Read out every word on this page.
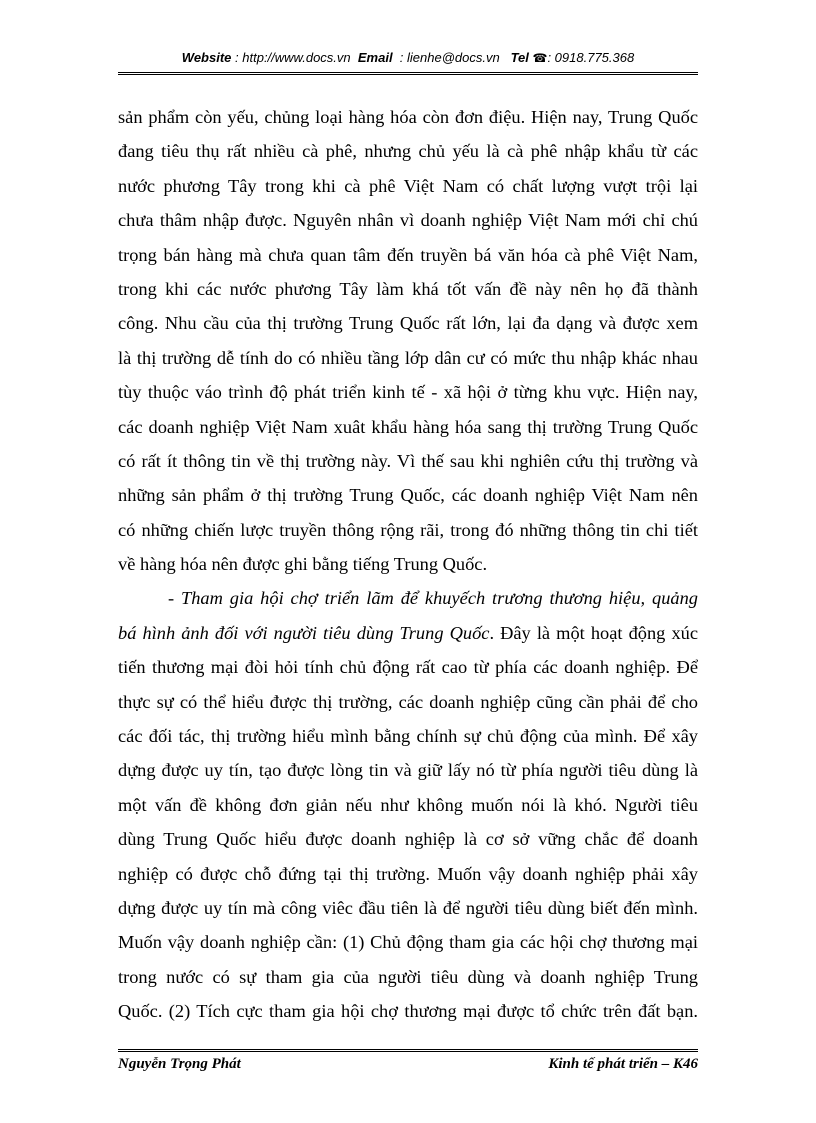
Website : http://www.docs.vn Email : lienhe@docs.vn Tel ☎: 0918.775.368
sản phẩm còn yếu, chủng loại hàng hóa còn đơn điệu. Hiện nay, Trung Quốc
đang tiêu thụ rất nhiều cà phê, nhưng chủ yếu là cà phê nhập khẩu từ các
nước phương Tây trong khi cà phê Việt Nam có chất lượng vượt trội lại
chưa thâm nhập được. Nguyên nhân vì doanh nghiệp Việt Nam mới chỉ chú
trọng bán hàng mà chưa quan tâm đến truyền bá văn hóa cà phê Việt Nam,
trong khi các nước phương Tây làm khá tốt vấn đề này nên họ đã thành
công. Nhu cầu của thị trường Trung Quốc rất lớn, lại đa dạng và được xem
là thị trường dễ tính do có nhiều tầng lớp dân cư có mức thu nhập khác nhau
tùy thuộc váo trình độ phát triển kinh tế - xã hội ở từng khu vực. Hiện nay,
các doanh nghiệp Việt Nam xuât khẩu hàng hóa sang thị trường Trung Quốc
có rất ít thông tin về thị trường này. Vì thế sau khi nghiên cứu thị trường và
những sản phẩm ở thị trường Trung Quốc, các doanh nghiệp Việt Nam nên
có những chiến lược truyền thông rộng rãi, trong đó những thông tin chi tiết
về hàng hóa nên được ghi bằng tiếng Trung Quốc.
- Tham gia hội chợ triển lãm để khuyếch trương thương hiệu, quảng
bá hình ảnh đối với người tiêu dùng Trung Quốc. Đây là một hoạt động xúc
tiến thương mại đòi hỏi tính chủ động rất cao từ phía các doanh nghiệp. Để
thực sự có thể hiểu được thị trường, các doanh nghiệp cũng cần phải để cho
các đối tác, thị trường hiểu mình bằng chính sự chủ động của mình. Để xây
dựng được uy tín, tạo được lòng tin và giữ lấy nó từ phía người tiêu dùng là
một vấn đề không đơn giản nếu như không muốn nói là khó. Người tiêu
dùng Trung Quốc hiểu được doanh nghiệp là cơ sở vững chắc để doanh
nghiệp có được chỗ đứng tại thị trường. Muốn vậy doanh nghiệp phải xây
dựng được uy tín mà công viêc đầu tiên là để người tiêu dùng biết đến mình.
Muốn vậy doanh nghiệp cần: (1) Chủ động tham gia các hội chợ thương mại
trong nước có sự tham gia của người tiêu dùng và doanh nghiệp Trung
Quốc. (2) Tích cực tham gia hội chợ thương mại được tổ chức trên đất bạn.
Nguyễn Trọng Phát	Kinh tế phát triển – K46
